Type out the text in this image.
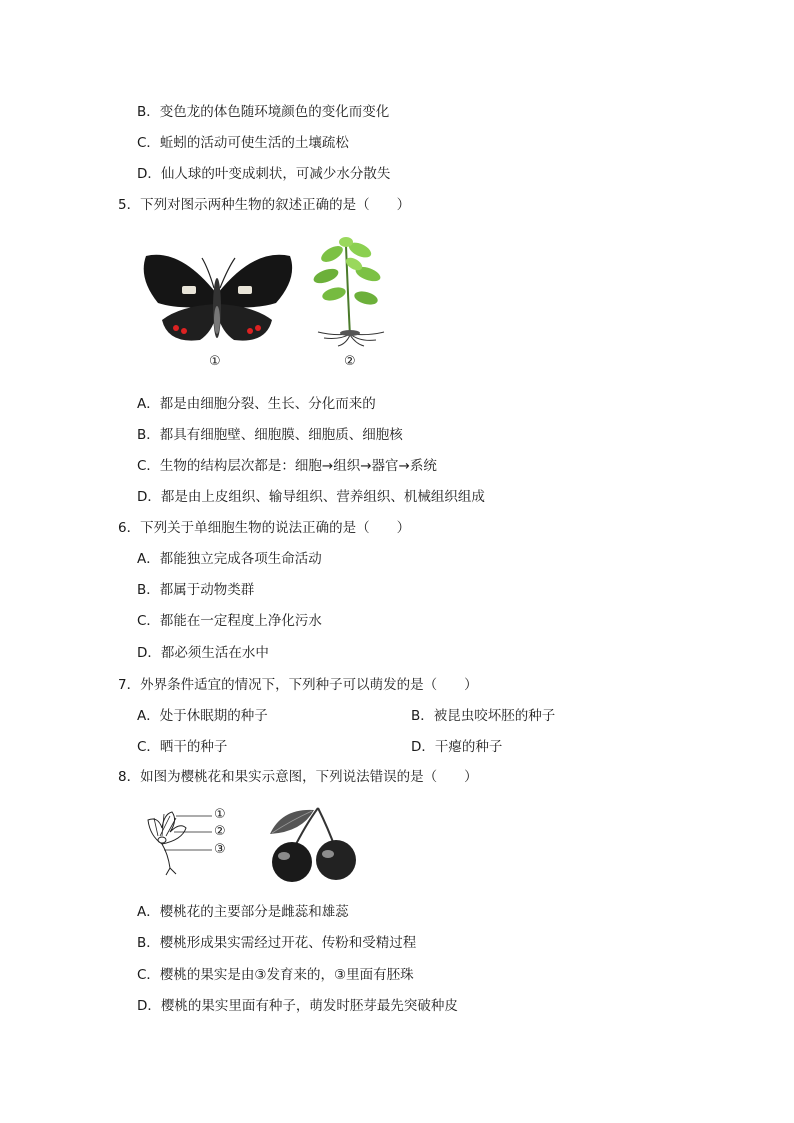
B．变色龙的体色随环境颜色的变化而变化
C．蚯蚓的活动可使生活的土壤疏松
D．仙人球的叶变成刺状，可减少水分散失
5．下列对图示两种生物的叙述正确的是（　　）
①	②
A．都是由细胞分裂、生长、分化而来的
B．都具有细胞壁、细胞膜、细胞质、细胞核
C．生物的结构层次都是：细胞→组织→器官→系统
D．都是由上皮组织、输导组织、营养组织、机械组织组成
6．下列关于单细胞生物的说法正确的是（　　）
A．都能独立完成各项生命活动
B．都属于动物类群
C．都能在一定程度上净化污水
D．都必须生活在水中
7．外界条件适宜的情况下，下列种子可以萌发的是（　　）
A．处于休眠期的种子	B．被昆虫咬坏胚的种子
C．晒干的种子	D．干瘪的种子
8．如图为樱桃花和果实示意图，下列说法错误的是（　　）
①
②
③
A．樱桃花的主要部分是雌蕊和雄蕊
B．樱桃形成果实需经过开花、传粉和受精过程
C．樱桃的果实是由③发育来的，③里面有胚珠
D．樱桃的果实里面有种子，萌发时胚芽最先突破种皮
